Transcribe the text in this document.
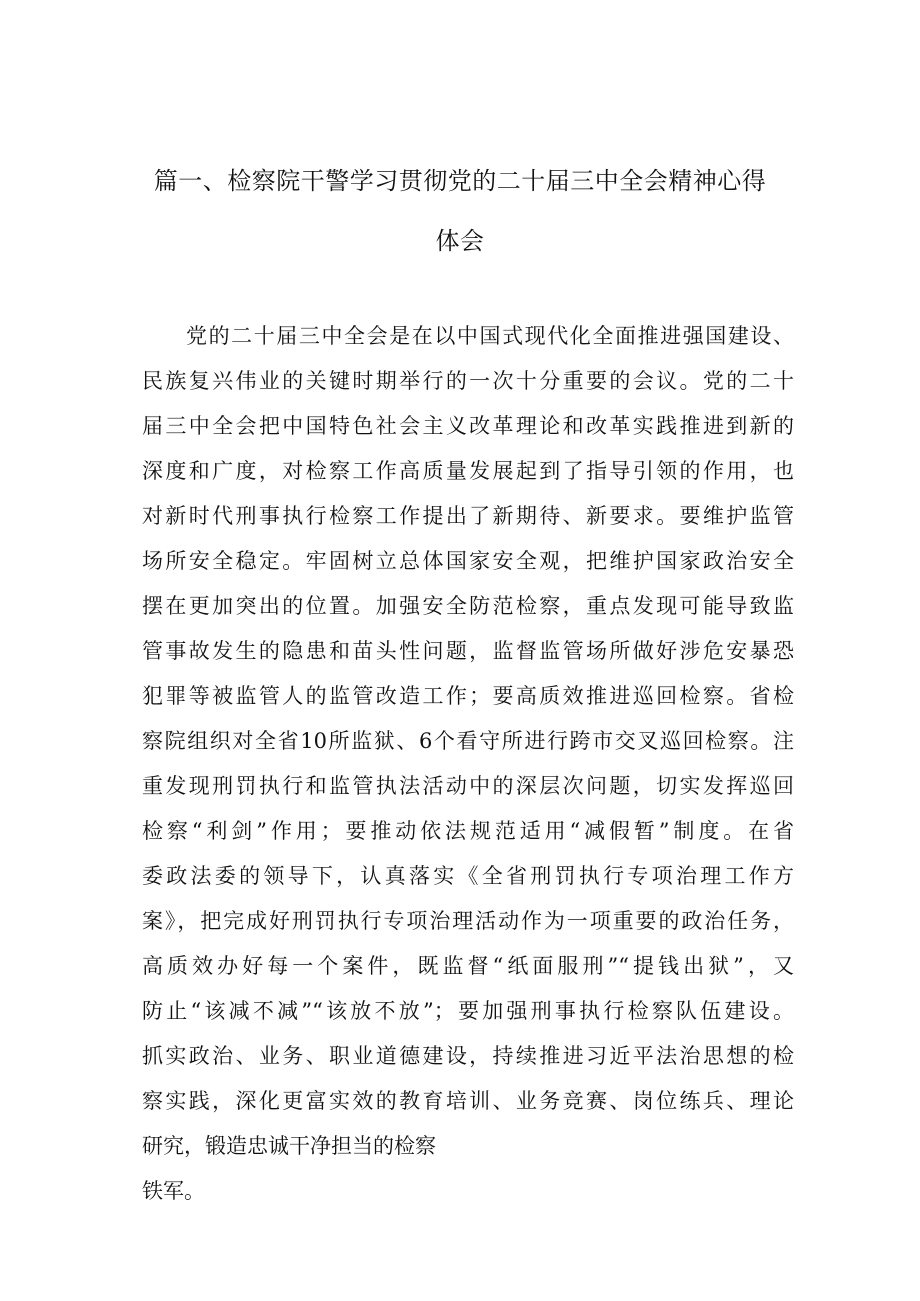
篇一、检察院干警学习贯彻党的二十届三中全会精神心得
体会
党的二十届三中全会是在以中国式现代化全面推进强国建设、
民族复兴伟业的关键时期举行的一次十分重要的会议。党的二十
届三中全会把中国特色社会主义改革理论和改革实践推进到新的
深度和广度，对检察工作高质量发展起到了指导引领的作用，也
对新时代刑事执行检察工作提出了新期待、新要求。要维护监管
场所安全稳定。牢固树立总体国家安全观，把维护国家政治安全
摆在更加突出的位置。加强安全防范检察，重点发现可能导致监
管事故发生的隐患和苗头性问题，监督监管场所做好涉危安暴恐
犯罪等被监管人的监管改造工作；要高质效推进巡回检察。省检
察院组织对全省10所监狱、6个看守所进行跨市交叉巡回检察。注
重发现刑罚执行和监管执法活动中的深层次问题，切实发挥巡回
检察“利剑”作用；要推动依法规范适用“减假暂”制度。在省
委政法委的领导下，认真落实《全省刑罚执行专项治理工作方
案》，把完成好刑罚执行专项治理活动作为一项重要的政治任务，
高质效办好每一个案件，既监督“纸面服刑”“提钱出狱”，又
防止“该减不减”“该放不放”；要加强刑事执行检察队伍建设。
抓实政治、业务、职业道德建设，持续推进习近平法治思想的检
察实践，深化更富实效的教育培训、业务竞赛、岗位练兵、理论
研究，锻造忠诚干净担当的检察
铁军。
